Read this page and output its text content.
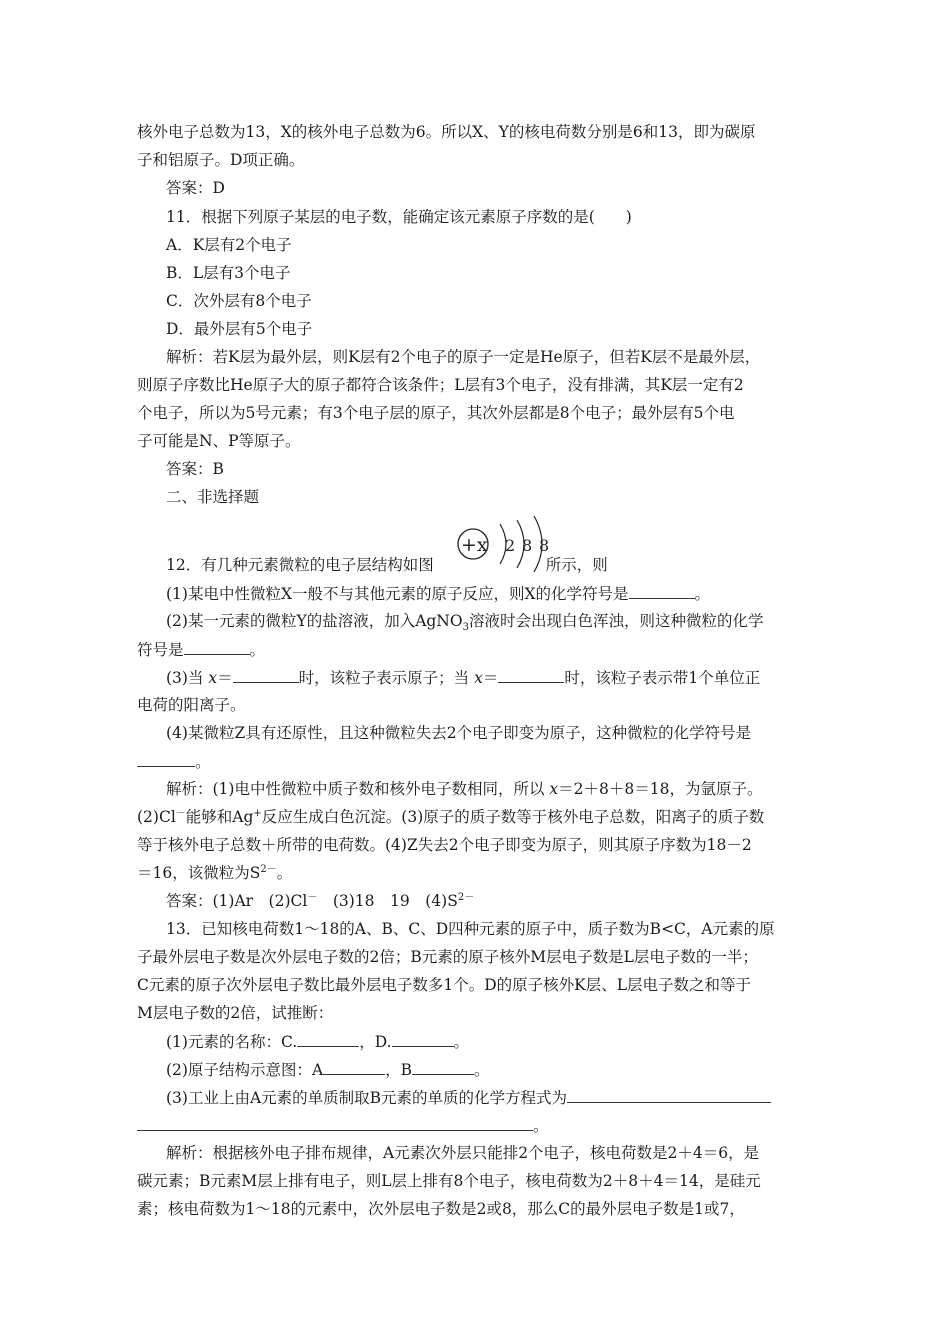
核外电子总数为13，X的核外电子总数为6。所以X、Y的核电荷数分别是6和13，即为碳原
子和铝原子。D项正确。
答案：D
11．根据下列原子某层的电子数，能确定该元素原子序数的是(　　)
A．K层有2个电子
B．L层有3个电子
C．次外层有8个电子
D．最外层有5个电子
解析：若K层为最外层，则K层有2个电子的原子一定是He原子，但若K层不是最外层，
则原子序数比He原子大的原子都符合该条件；L层有3个电子，没有排满，其K层一定有2
个电子，所以为5号元素；有3个电子层的原子，其次外层都是8个电子；最外层有5个电
子可能是N、P等原子。
答案：B
二、非选择题
+x 2 8 8
12．有几种元素微粒的电子层结构如图	所示，则
(1)某电中性微粒X一般不与其他元素的原子反应，则X的化学符号是	。
(2)某一元素的微粒Y的盐溶液，加入AgNO$_3$溶液时会出现白色浑浊，则这种微粒的化学
符号是	。
(3)当 x＝	时，该粒子表示原子；当 x＝	时，该粒子表示带1个单位正
电荷的阳离子。
(4)某微粒Z具有还原性，且这种微粒失去2个电子即变为原子，这种微粒的化学符号是
。
解析：(1)电中性微粒中质子数和核外电子数相同，所以 x＝2＋8＋8＝18，为氩原子。
(2)Cl－能够和Ag+反应生成白色沉淀。(3)原子的质子数等于核外电子总数，阳离子的质子数
等于核外电子总数＋所带的电荷数。(4)Z失去2个电子即变为原子，则其原子序数为18－2
＝16，该微粒为$S^{2-}$。
答案：(1)Ar　(2)Cl－　(3)18　19　$(4)S^{2-}$
13．已知核电荷数1～18的A、B、C、D四种元素的原子中，质子数为B<C，A元素的原
子最外层电子数是次外层电子数的2倍；B元素的原子核外M层电子数是L层电子数的一半；
C元素的原子次外层电子数比最外层电子数多1个。D的原子核外K层、L层电子数之和等于
M层电子数的2倍，试推断：
(1)元素的名称：C.	，D.	。
(2)原子结构示意图：A	，B	。
(3)工业上由A元素的单质制取B元素的单质的化学方程式为
。
解析：根据核外电子排布规律，A元素次外层只能排2个电子，核电荷数是2＋4＝6，是
碳元素；B元素M层上排有电子，则L层上排有8个电子，核电荷数为2＋8＋4＝14，是硅元
素；核电荷数为1～18的元素中，次外层电子数是2或8，那么C的最外层电子数是1或7，
